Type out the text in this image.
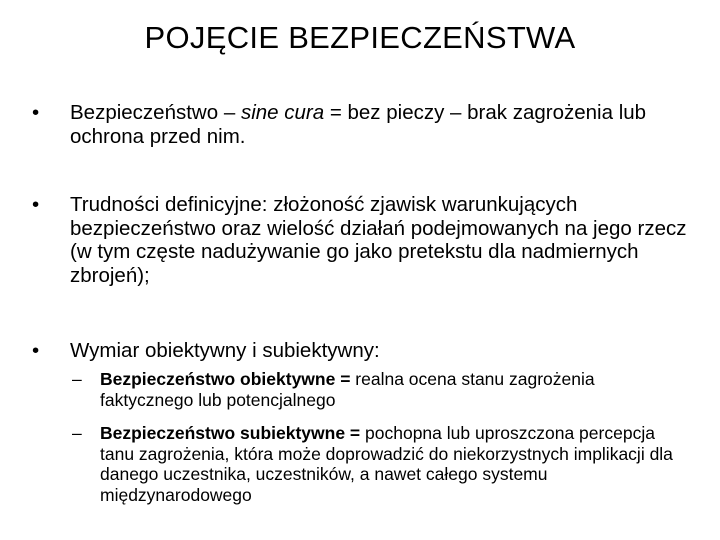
POJĘCIE BEZPIECZEŃSTWA
• Bezpieczeństwo – sine cura = bez pieczy – brak zagrożenia lub ochrona przed nim.
• Trudności definicyjne: złożoność zjawisk warunkujących bezpieczeństwo oraz wielość działań podejmowanych na jego rzecz (w tym częste nadużywanie go jako pretekstu dla nadmiernych zbrojeń);
• Wymiar obiektywny i subiektywny:
– Bezpieczeństwo obiektywne = realna ocena stanu zagrożenia faktycznego lub potencjalnego
– Bezpieczeństwo subiektywne = pochopna lub uproszczona percepcja tanu zagrożenia, która może doprowadzić do niekorzystnych implikacji dla danego uczestnika, uczestników, a nawet całego systemu międzynarodowego
